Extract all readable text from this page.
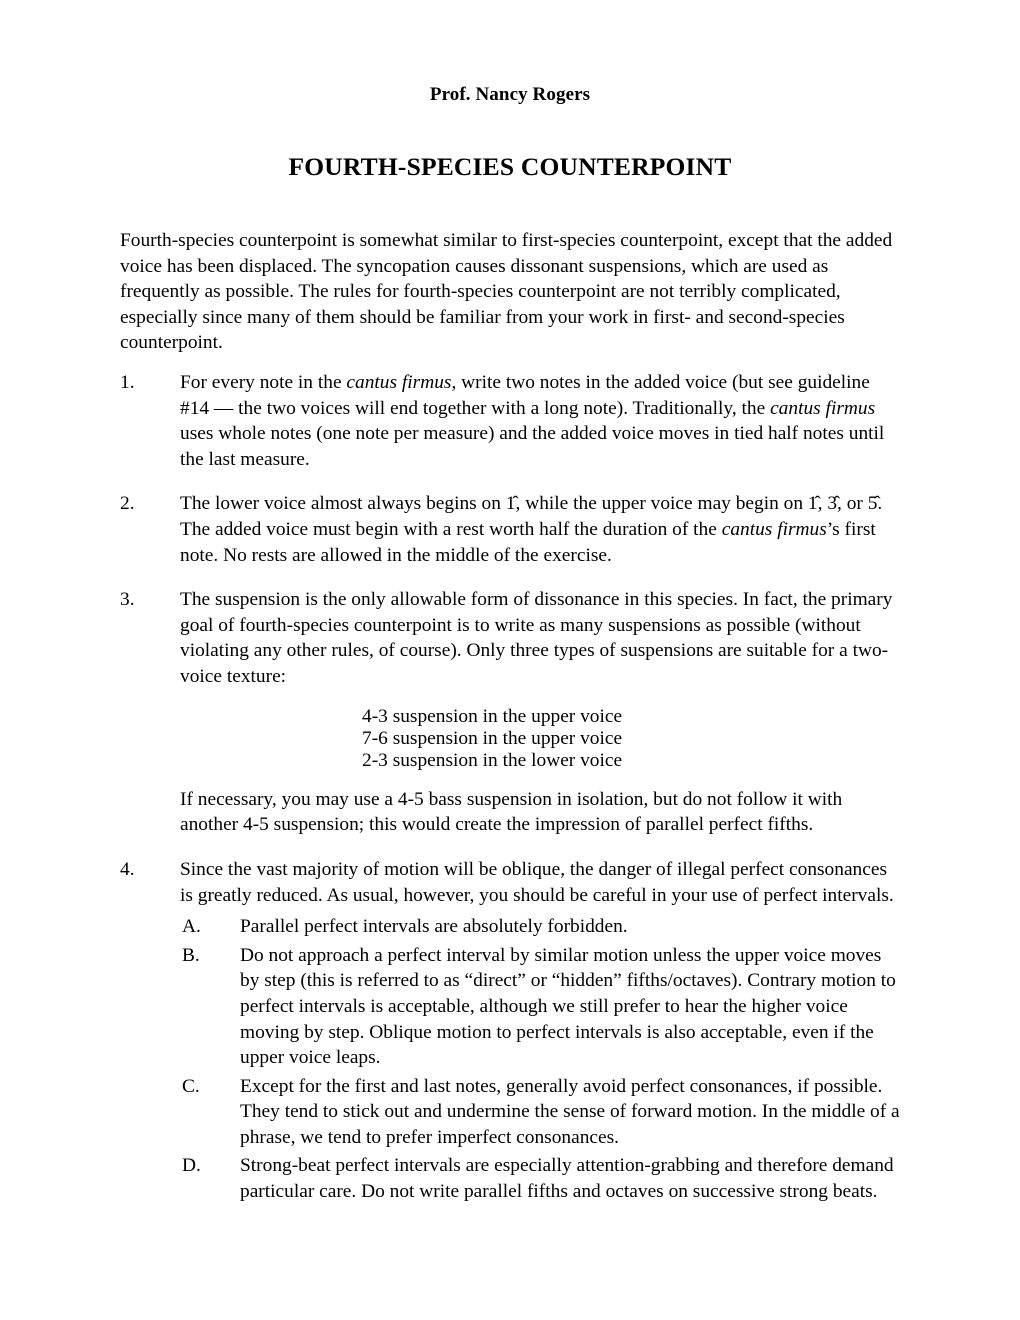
Prof. Nancy Rogers
FOURTH-SPECIES COUNTERPOINT

Fourth-species counterpoint is somewhat similar to first-species counterpoint, except that the added voice has been displaced. The syncopation causes dissonant suspensions, which are used as frequently as possible. The rules for fourth-species counterpoint are not terribly complicated, especially since many of them should be familiar from your work in first- and second-species counterpoint.

1.	For every note in the cantus firmus, write two notes in the added voice (but see guideline #14 — the two voices will end together with a long note). Traditionally, the cantus firmus uses whole notes (one note per measure) and the added voice moves in tied half notes until the last measure.
2.	The lower voice almost always begins on 1̂, while the upper voice may begin on 1̂, 3̂, or 5̂. The added voice must begin with a rest worth half the duration of the cantus firmus’s first note. No rests are allowed in the middle of the exercise.
3.	The suspension is the only allowable form of dissonance in this species. In fact, the primary goal of fourth-species counterpoint is to write as many suspensions as possible (without violating any other rules, of course). Only three types of suspensions are suitable for a two-voice texture:
4-3 suspension in the upper voice
7-6 suspension in the upper voice
2-3 suspension in the lower voice
If necessary, you may use a 4-5 bass suspension in isolation, but do not follow it with another 4-5 suspension; this would create the impression of parallel perfect fifths.
4.	Since the vast majority of motion will be oblique, the danger of illegal perfect consonances is greatly reduced. As usual, however, you should be careful in your use of perfect intervals.
A.	Parallel perfect intervals are absolutely forbidden.
B.	Do not approach a perfect interval by similar motion unless the upper voice moves by step (this is referred to as “direct” or “hidden” fifths/octaves). Contrary motion to perfect intervals is acceptable, although we still prefer to hear the higher voice moving by step. Oblique motion to perfect intervals is also acceptable, even if the upper voice leaps.
C.	Except for the first and last notes, generally avoid perfect consonances, if possible. They tend to stick out and undermine the sense of forward motion. In the middle of a phrase, we tend to prefer imperfect consonances.
D.	Strong-beat perfect intervals are especially attention-grabbing and therefore demand particular care. Do not write parallel fifths and octaves on successive strong beats.
